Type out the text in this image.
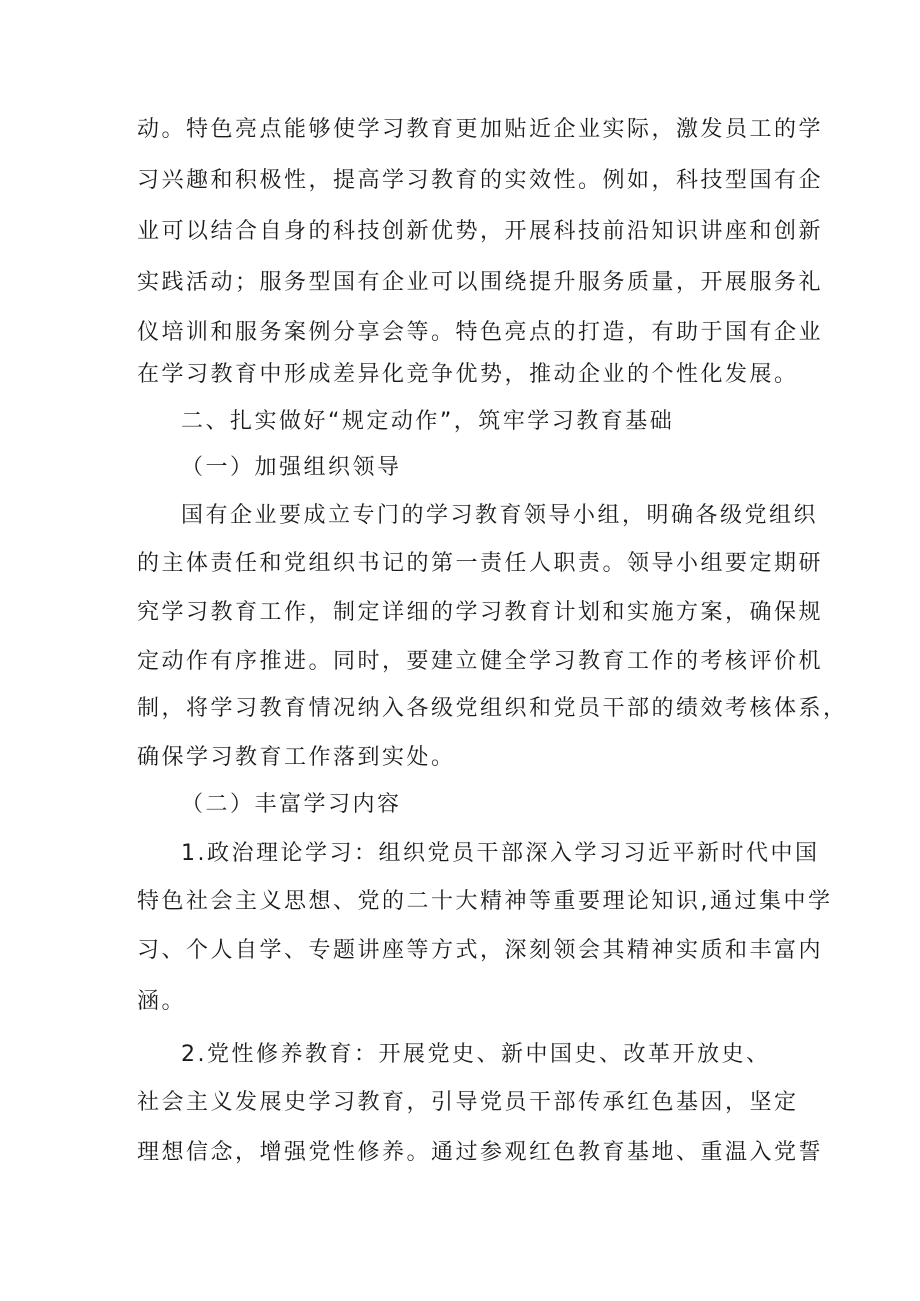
动。特色亮点能够使学习教育更加贴近企业实际，激发员工的学
习兴趣和积极性，提高学习教育的实效性。例如，科技型国有企
业可以结合自身的科技创新优势，开展科技前沿知识讲座和创新
实践活动；服务型国有企业可以围绕提升服务质量，开展服务礼
仪培训和服务案例分享会等。特色亮点的打造，有助于国有企业
在学习教育中形成差异化竞争优势，推动企业的个性化发展。
二、扎实做好“规定动作”，筑牢学习教育基础
（一）加强组织领导
国有企业要成立专门的学习教育领导小组，明确各级党组织
的主体责任和党组织书记的第一责任人职责。领导小组要定期研
究学习教育工作，制定详细的学习教育计划和实施方案，确保规
定动作有序推进。同时，要建立健全学习教育工作的考核评价机
制，将学习教育情况纳入各级党组织和党员干部的绩效考核体系，
确保学习教育工作落到实处。
（二）丰富学习内容
1.政治理论学习：组织党员干部深入学习习近平新时代中国
特色社会主义思想、党的二十大精神等重要理论知识,通过集中学
习、个人自学、专题讲座等方式，深刻领会其精神实质和丰富内
涵。
2.党性修养教育：开展党史、新中国史、改革开放史、
社会主义发展史学习教育，引导党员干部传承红色基因，坚定
理想信念，增强党性修养。通过参观红色教育基地、重温入党誓
